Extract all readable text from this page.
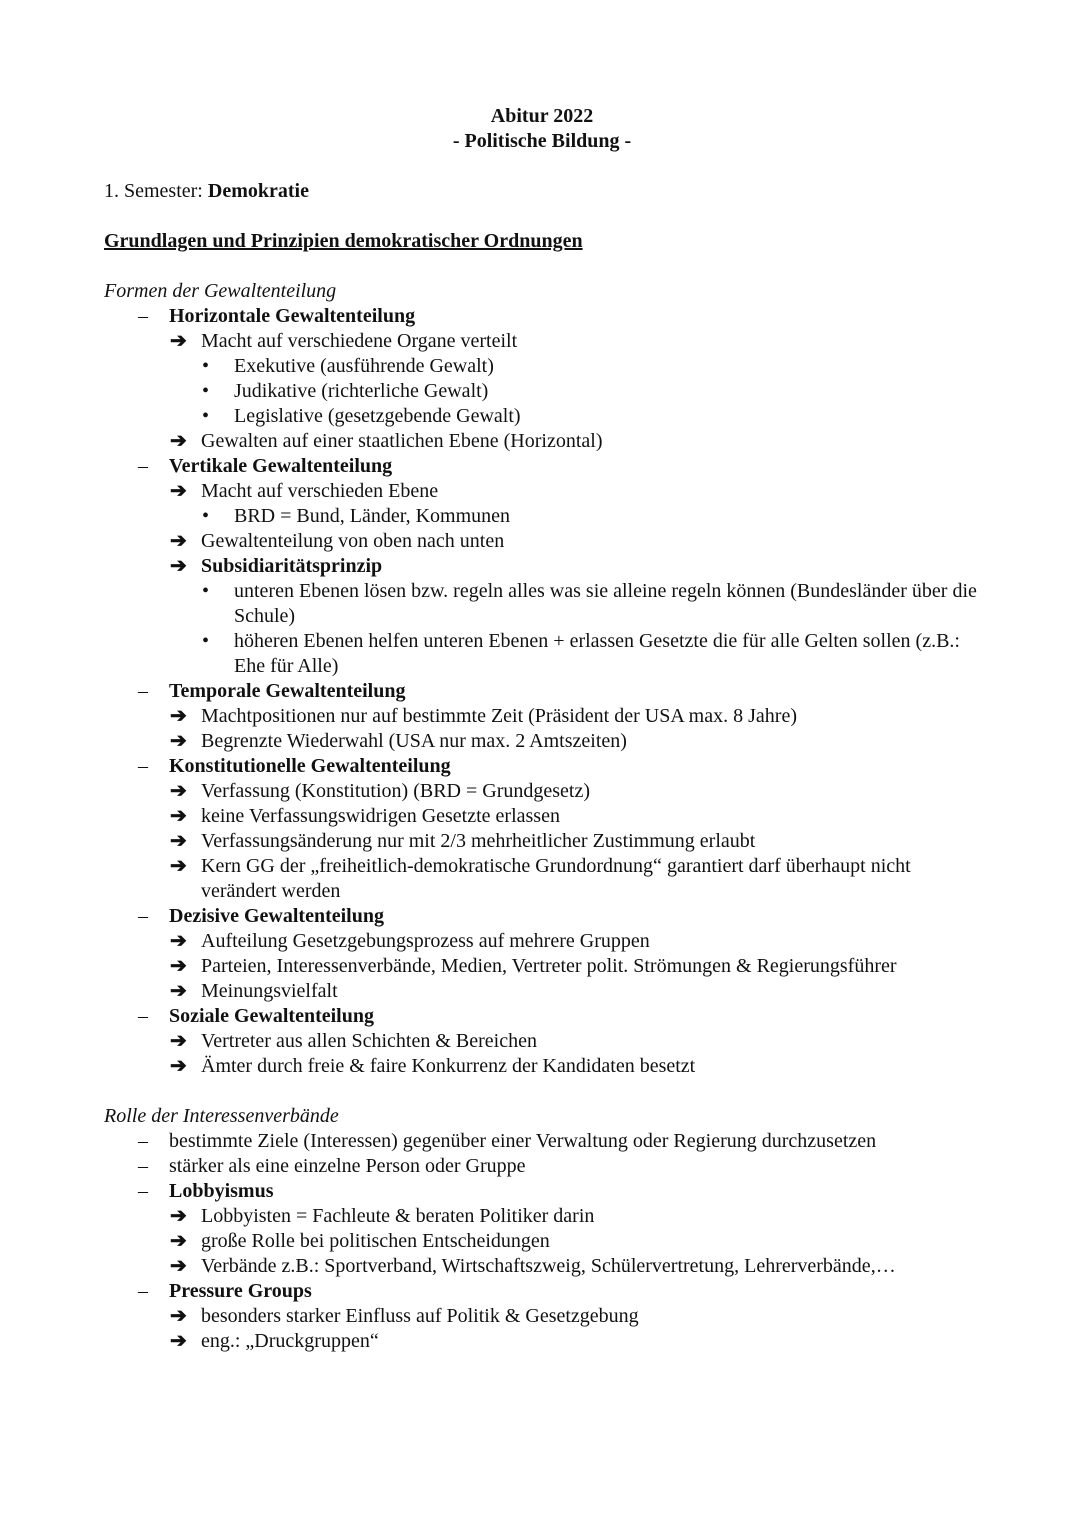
Abitur 2022
- Politische Bildung -
1. Semester: Demokratie
Grundlagen und Prinzipien demokratischer Ordnungen
Formen der Gewaltenteilung
– Horizontale Gewaltenteilung
➔ Macht auf verschiedene Organe verteilt
• Exekutive (ausführende Gewalt)
• Judikative (richterliche Gewalt)
• Legislative (gesetzgebende Gewalt)
➔ Gewalten auf einer staatlichen Ebene (Horizontal)
– Vertikale Gewaltenteilung
➔ Macht auf verschieden Ebene
• BRD = Bund, Länder, Kommunen
➔ Gewaltenteilung von oben nach unten
➔ Subsidiaritätsprinzip
• unteren Ebenen lösen bzw. regeln alles was sie alleine regeln können (Bundesländer über die Schule)
• höheren Ebenen helfen unteren Ebenen + erlassen Gesetzte die für alle Gelten sollen (z.B.: Ehe für Alle)
– Temporale Gewaltenteilung
➔ Machtpositionen nur auf bestimmte Zeit (Präsident der USA max. 8 Jahre)
➔ Begrenzte Wiederwahl (USA nur max. 2 Amtszeiten)
– Konstitutionelle Gewaltenteilung
➔ Verfassung (Konstitution) (BRD = Grundgesetz)
➔ keine Verfassungswidrigen Gesetzte erlassen
➔ Verfassungsänderung nur mit 2/3 mehrheitlicher Zustimmung erlaubt
➔ Kern GG der „freiheitlich-demokratische Grundordnung“ garantiert darf überhaupt nicht verändert werden
– Dezisive Gewaltenteilung
➔ Aufteilung Gesetzgebungsprozess auf mehrere Gruppen
➔ Parteien, Interessenverbände, Medien, Vertreter polit. Strömungen & Regierungsführer
➔ Meinungsvielfalt
– Soziale Gewaltenteilung
➔ Vertreter aus allen Schichten & Bereichen
➔ Ämter durch freie & faire Konkurrenz der Kandidaten besetzt
Rolle der Interessenverbände
– bestimmte Ziele (Interessen) gegenüber einer Verwaltung oder Regierung durchzusetzen
– stärker als eine einzelne Person oder Gruppe
– Lobbyismus
➔ Lobbyisten = Fachleute & beraten Politiker darin
➔ große Rolle bei politischen Entscheidungen
➔ Verbände z.B.: Sportverband, Wirtschaftszweig, Schülervertretung, Lehrerverbände,…
– Pressure Groups
➔ besonders starker Einfluss auf Politik & Gesetzgebung
➔ eng.: „Druckgruppen“
